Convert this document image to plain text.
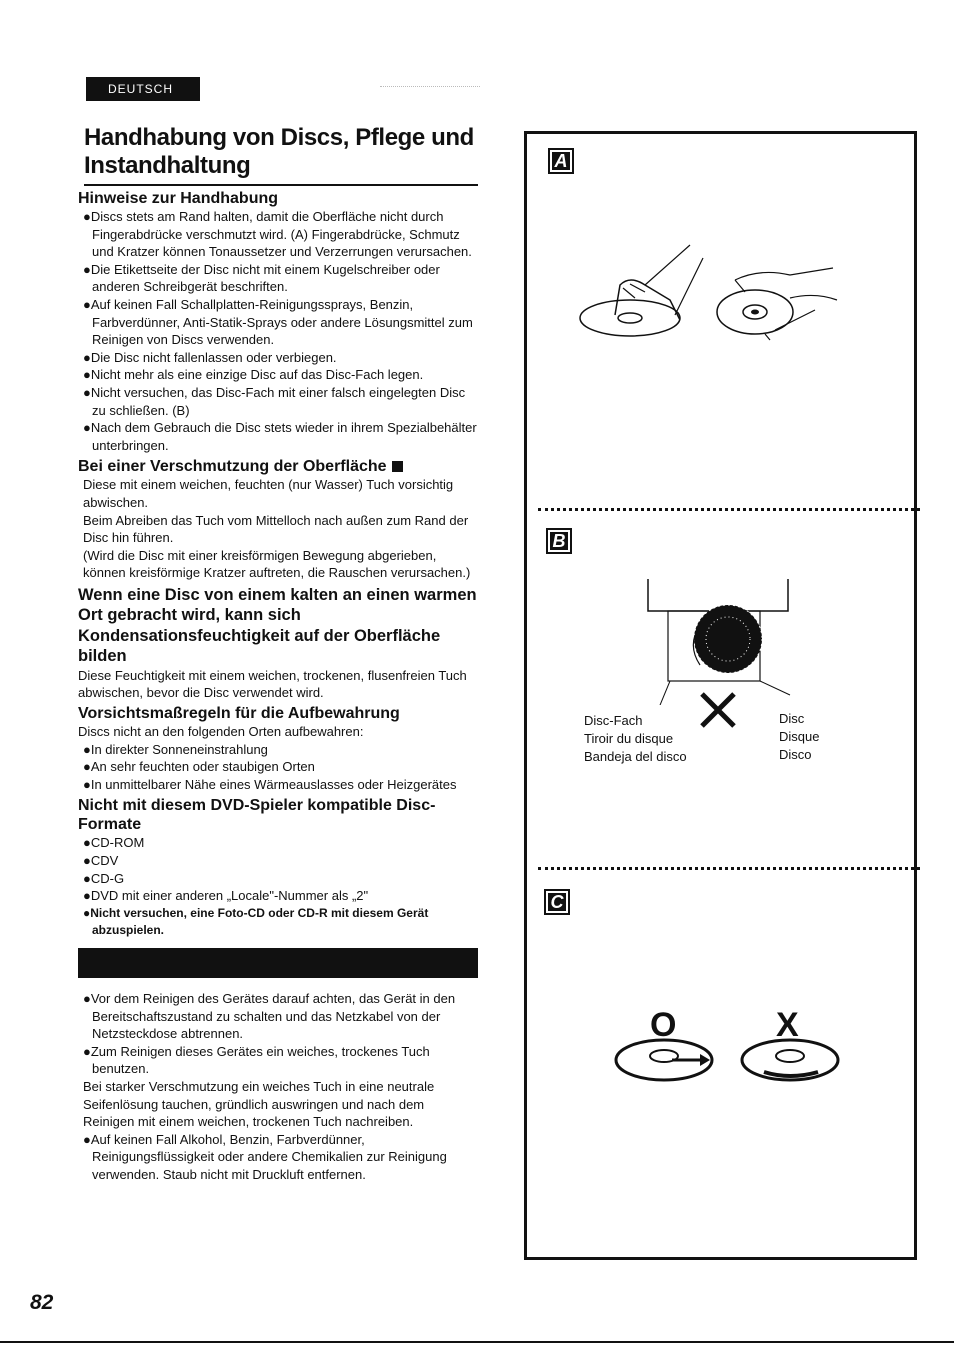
DEUTSCH
Handhabung von Discs, Pflege und Instandhaltung
Hinweise zur Handhabung

●Discs stets am Rand halten, damit die Oberfläche nicht durch Fingerabdrücke verschmutzt wird. (A) Fingerabdrücke, Schmutz und Kratzer können Tonaussetzer und Verzerrungen verursachen.

●Die Etikettseite der Disc nicht mit einem Kugelschreiber oder anderen Schreibgerät beschriften.

●Auf keinen Fall Schallplatten-Reinigungssprays, Benzin, Farbverdünner, Anti-Statik-Sprays oder andere Lösungsmittel zum Reinigen von Discs verwenden.

●Die Disc nicht fallenlassen oder verbiegen.

●Nicht mehr als eine einzige Disc auf das Disc-Fach legen.

●Nicht versuchen, das Disc-Fach mit einer falsch eingelegten Disc zu schließen. (B)

●Nach dem Gebrauch die Disc stets wieder in ihrem Spezialbehälter unterbringen.

Bei einer Verschmutzung der Oberfläche

Diese mit einem weichen, feuchten (nur Wasser) Tuch vorsichtig abwischen.

Beim Abreiben das Tuch vom Mittelloch nach außen zum Rand der Disc hin führen.

(Wird die Disc mit einer kreisförmigen Bewegung abgerieben, können kreisförmige Kratzer auftreten, die Rauschen verursachen.)

Wenn eine Disc von einem kalten an einen warmen Ort gebracht wird, kann sich Kondensationsfeuchtigkeit auf der Oberfläche bilden

Diese Feuchtigkeit mit einem weichen, trockenen, flusenfreien Tuch abwischen, bevor die Disc verwendet wird.

Vorsichtsmaßregeln für die Aufbewahrung

Discs nicht an den folgenden Orten aufbewahren:

●In direkter Sonneneinstrahlung

●An sehr feuchten oder staubigen Orten

●In unmittelbarer Nähe eines Wärmeauslasses oder Heizgerätes

Nicht mit diesem DVD-Spieler kompatible Disc-Formate

●CD-ROM

●CDV

●CD-G

●DVD mit einer anderen „Locale"-Nummer als „2"

●Nicht versuchen, eine Foto-CD oder CD-R mit diesem Gerät abzuspielen.

●Vor dem Reinigen des Gerätes darauf achten, das Gerät in den Bereitschaftszustand zu schalten und das Netzkabel von der Netzsteckdose abtrennen.

●Zum Reinigen dieses Gerätes ein weiches, trockenes Tuch benutzen.

Bei starker Verschmutzung ein weiches Tuch in eine neutrale Seifenlösung tauchen, gründlich auswringen und nach dem Reinigen mit einem weichen, trockenen Tuch nachreiben.

●Auf keinen Fall Alkohol, Benzin, Farbverdünner, Reinigungsflüssigkeit oder andere Chemikalien zur Reinigung verwenden. Staub nicht mit Druckluft entfernen.

A
B
C
Disc-Fach
Tiroir du disque
Bandeja del disco
Disc
Disque
Disco
O	X
82
